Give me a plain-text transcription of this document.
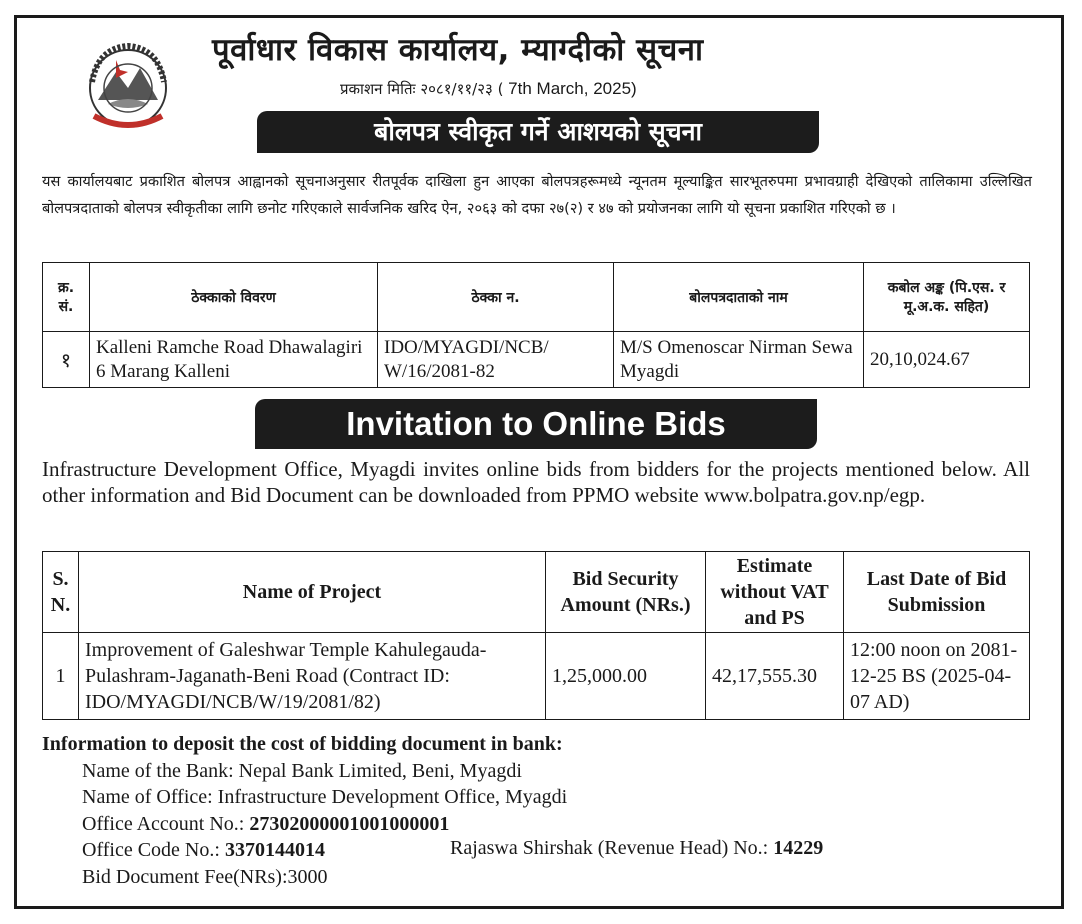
पूर्वाधार विकास कार्यालय, म्याग्दीको सूचना
प्रकाशन मितिः २०८१/११/२३ ( 7th March, 2025)
बोलपत्र स्वीकृत गर्ने आशयको सूचना
यस कार्यालयबाट प्रकाशित बोलपत्र आह्वानको सूचनाअनुसार रीतपूर्वक दाखिला हुन आएका बोलपत्रहरूमध्ये न्यूनतम मूल्याङ्कित सारभूतरुपमा प्रभावग्राही देखिएको तालिकामा उल्लिखित बोलपत्रदाताको बोलपत्र स्वीकृतीका लागि छनोट गरिएकाले सार्वजनिक खरिद ऐन, २०६३ को दफा २७(२) र ४७ को प्रयोजनका लागि यो सूचना प्रकाशित गरिएको छ ।
क्र. सं.	ठेक्काको विवरण	ठेक्का न.	बोलपत्रदाताको नाम	कबोल अङ्क (पि.एस. र मू.अ.क. सहित)
१	Kalleni Ramche Road Dhawalagiri 6 Marang Kalleni	IDO/MYAGDI/NCB/ W/16/2081-82	M/S Omenoscar Nirman Sewa Myagdi	20,10,024.67
Invitation to Online Bids
Infrastructure Development Office, Myagdi invites online bids from bidders for the projects mentioned below. All other information and Bid Document can be downloaded from PPMO website www.bolpatra.gov.np/egp.
S. N.	Name of Project	Bid Security Amount (NRs.)	Estimate without VAT and PS	Last Date of Bid Submission
1	Improvement of Galeshwar Temple Kahulegauda-Pulashram-Jaganath-Beni Road (Contract ID: IDO/MYAGDI/NCB/W/19/2081/82)	1,25,000.00	42,17,555.30	12:00 noon on 2081-12-25 BS (2025-04-07 AD)
Information to deposit the cost of bidding document in bank:
Name of the Bank: Nepal Bank Limited, Beni, Myagdi
Name of Office: Infrastructure Development Office, Myagdi
Office Account No.: 27302000001001000001
Office Code No.: 3370144014
Bid Document Fee(NRs):3000
Rajaswa Shirshak (Revenue Head) No.: 14229
